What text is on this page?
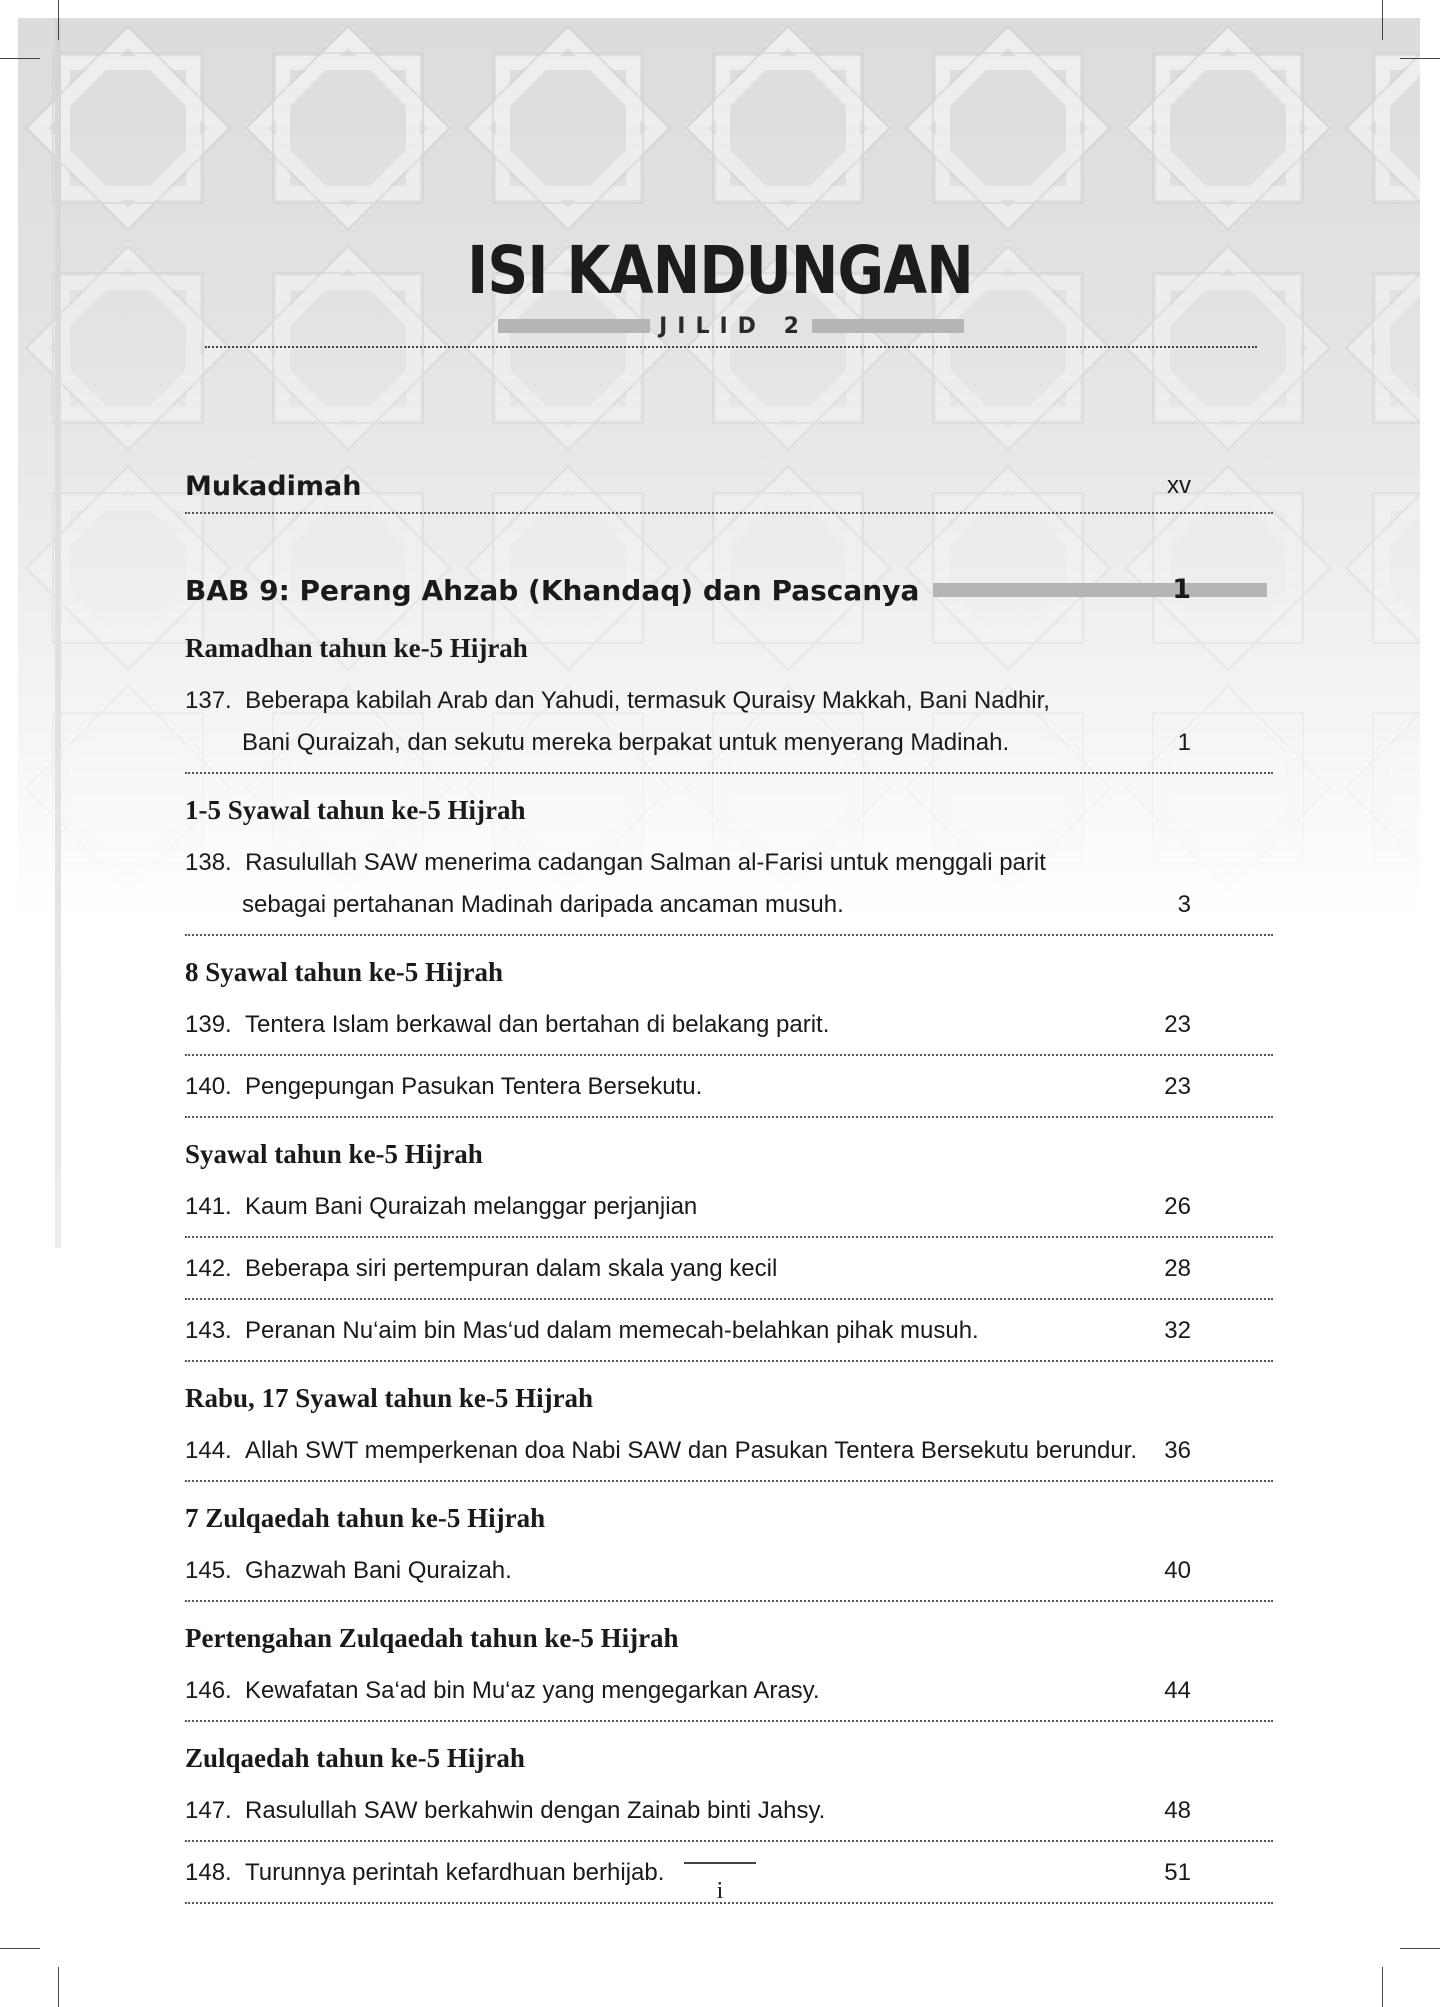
ISI KANDUNGAN
JILID 2
Mukadimah	xv
BAB 9: Perang Ahzab (Khandaq) dan Pascanya	1
Ramadhan tahun ke-5 Hijrah
137. Beberapa kabilah Arab dan Yahudi, termasuk Quraisy Makkah, Bani Nadhir,
Bani Quraizah, dan sekutu mereka berpakat untuk menyerang Madinah.	1
1-5 Syawal tahun ke-5 Hijrah
138. Rasulullah SAW menerima cadangan Salman al-Farisi untuk menggali parit
sebagai pertahanan Madinah daripada ancaman musuh.	3
8 Syawal tahun ke-5 Hijrah
139. Tentera Islam berkawal dan bertahan di belakang parit.	23
140. Pengepungan Pasukan Tentera Bersekutu.	23
Syawal tahun ke-5 Hijrah
141. Kaum Bani Quraizah melanggar perjanjian	26
142. Beberapa siri pertempuran dalam skala yang kecil	28
143. Peranan Nu‘aim bin Mas‘ud dalam memecah-belahkan pihak musuh.	32
Rabu, 17 Syawal tahun ke-5 Hijrah
144. Allah SWT memperkenan doa Nabi SAW dan Pasukan Tentera Bersekutu berundur. 36
7 Zulqaedah tahun ke-5 Hijrah
145. Ghazwah Bani Quraizah.	40
Pertengahan Zulqaedah tahun ke-5 Hijrah
146. Kewafatan Sa‘ad bin Mu‘az yang mengegarkan Arasy.	44
Zulqaedah tahun ke-5 Hijrah
147. Rasulullah SAW berkahwin dengan Zainab binti Jahsy.	48
148. Turunnya perintah kefardhuan berhijab.	51
i
